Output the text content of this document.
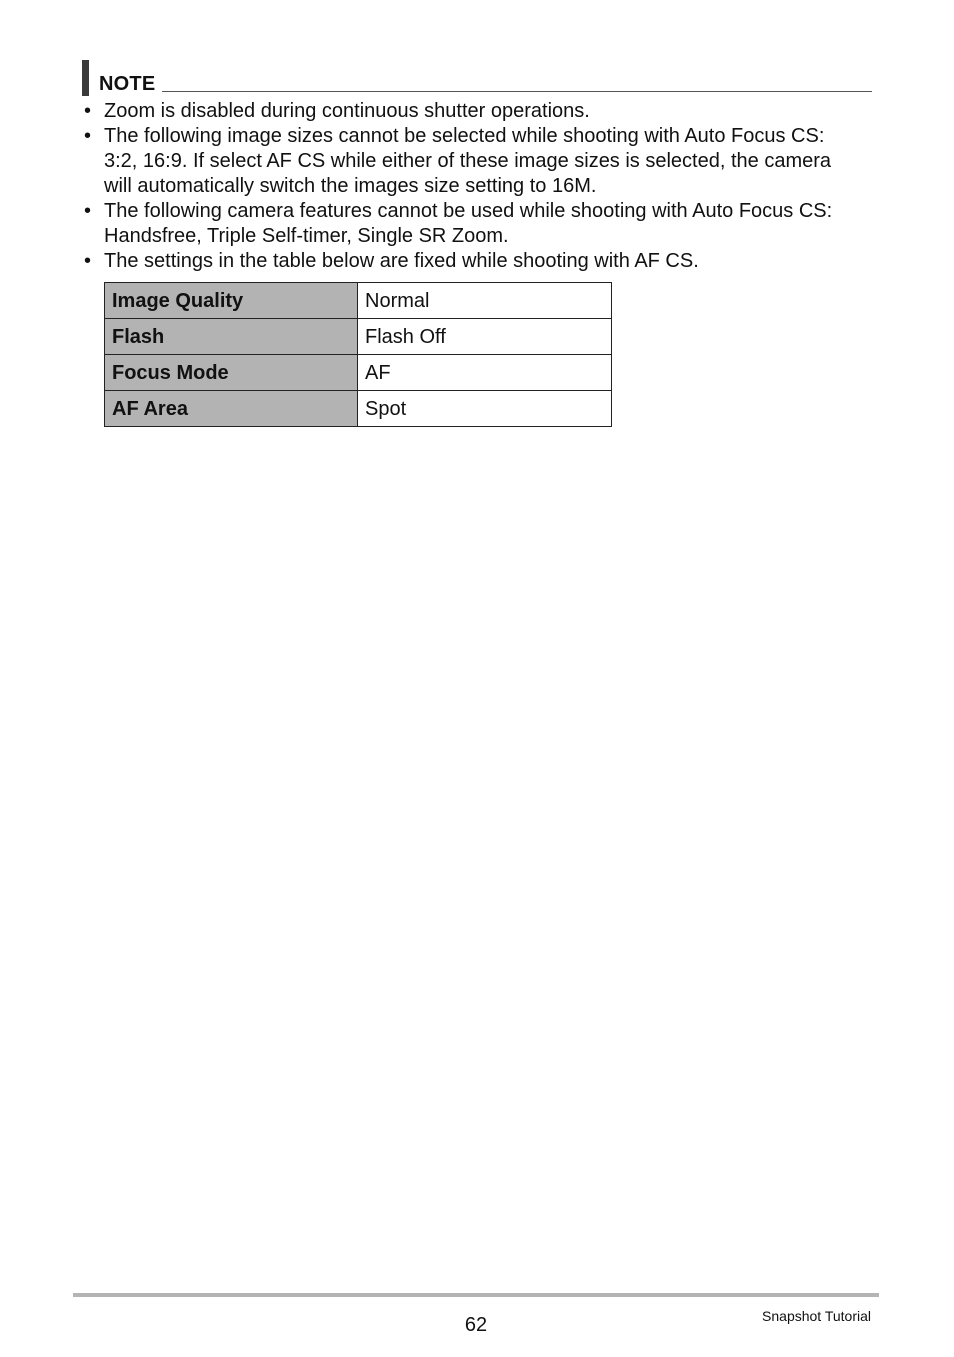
NOTE
• Zoom is disabled during continuous shutter operations.
• The following image sizes cannot be selected while shooting with Auto Focus CS:
3:2, 16:9. If select AF CS while either of these image sizes is selected, the camera
will automatically switch the images size setting to 16M.
• The following camera features cannot be used while shooting with Auto Focus CS:
Handsfree, Triple Self-timer, Single SR Zoom.
• The settings in the table below are fixed while shooting with AF CS.
Image Quality	Normal
Flash	Flash Off
Focus Mode	AF
AF Area	Spot
62	Snapshot Tutorial
